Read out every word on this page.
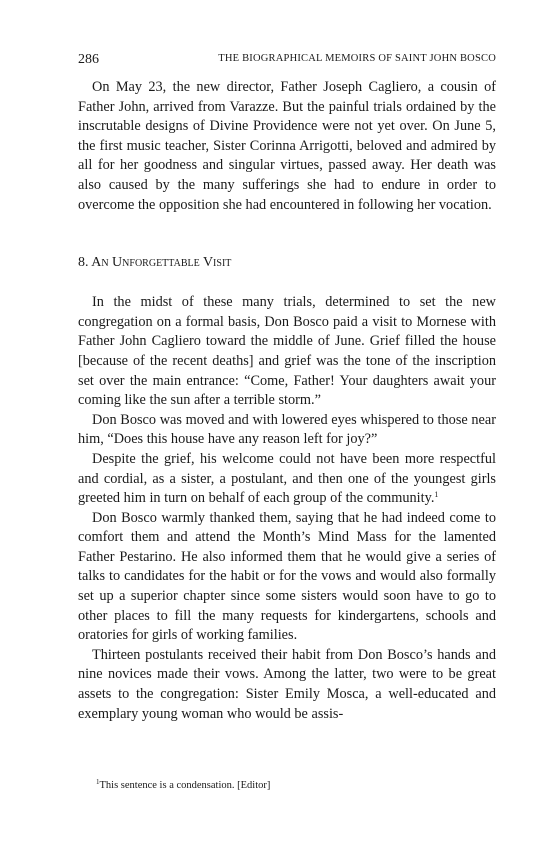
286	THE BIOGRAPHICAL MEMOIRS OF SAINT JOHN BOSCO

On May 23, the new director, Father Joseph Cagliero, a cousin of Father John, arrived from Varazze. But the painful trials ordained by the inscrutable designs of Divine Providence were not yet over. On June 5, the first music teacher, Sister Corinna Arrigotti, beloved and admired by all for her goodness and singular virtues, passed away. Her death was also caused by the many sufferings she had to endure in order to overcome the opposition she had encountered in following her vocation.

8. An Unforgettable Visit

In the midst of these many trials, determined to set the new congregation on a formal basis, Don Bosco paid a visit to Mornese with Father John Cagliero toward the middle of June. Grief filled the house [because of the recent deaths] and grief was the tone of the inscription set over the main entrance: “Come, Father! Your daughters await your coming like the sun after a terrible storm.”

Don Bosco was moved and with lowered eyes whispered to those near him, “Does this house have any reason left for joy?”

Despite the grief, his welcome could not have been more respectful and cordial, as a sister, a postulant, and then one of the youngest girls greeted him in turn on behalf of each group of the community.$^1$

Don Bosco warmly thanked them, saying that he had indeed come to comfort them and attend the Month’s Mind Mass for the lamented Father Pestarino. He also informed them that he would give a series of talks to candidates for the habit or for the vows and would also formally set up a superior chapter since some sisters would soon have to go to other places to fill the many requests for kindergartens, schools and oratories for girls of working families.

Thirteen postulants received their habit from Don Bosco’s hands and nine novices made their vows. Among the latter, two were to be great assets to the congregation: Sister Emily Mosca, a well-educated and exemplary young woman who would be assis-

$^1$This sentence is a condensation. [Editor]
